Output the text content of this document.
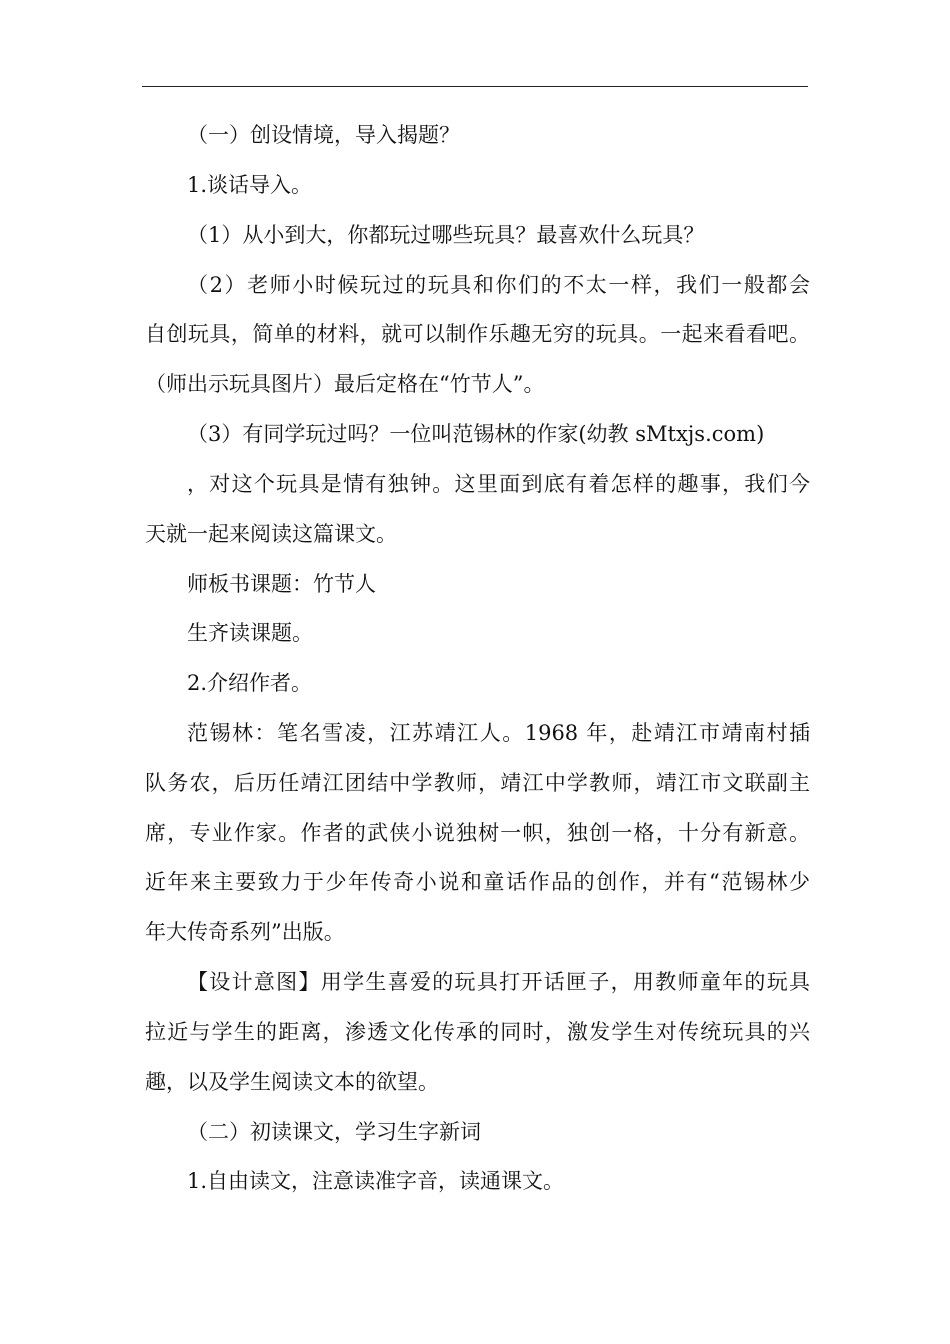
（一）创设情境，导入揭题？
1.谈话导入。
（1）从小到大，你都玩过哪些玩具？最喜欢什么玩具？
（2）老师小时候玩过的玩具和你们的不太一样，我们一般都会
自创玩具，简单的材料，就可以制作乐趣无穷的玩具。一起来看看吧。
（师出示玩具图片）最后定格在“竹节人”。
（3）有同学玩过吗？一位叫范锡林的作家(幼教 sMtxjs.com)
，对这个玩具是情有独钟。这里面到底有着怎样的趣事，我们今
天就一起来阅读这篇课文。
师板书课题：竹节人
生齐读课题。
2.介绍作者。
范锡林：笔名雪凌，江苏靖江人。1968 年，赴靖江市靖南村插
队务农，后历任靖江团结中学教师，靖江中学教师，靖江市文联副主
席，专业作家。作者的武侠小说独树一帜，独创一格，十分有新意。
近年来主要致力于少年传奇小说和童话作品的创作，并有“范锡林少
年大传奇系列”出版。
【设计意图】用学生喜爱的玩具打开话匣子，用教师童年的玩具
拉近与学生的距离，渗透文化传承的同时，激发学生对传统玩具的兴
趣，以及学生阅读文本的欲望。
（二）初读课文，学习生字新词
1.自由读文，注意读准字音，读通课文。
